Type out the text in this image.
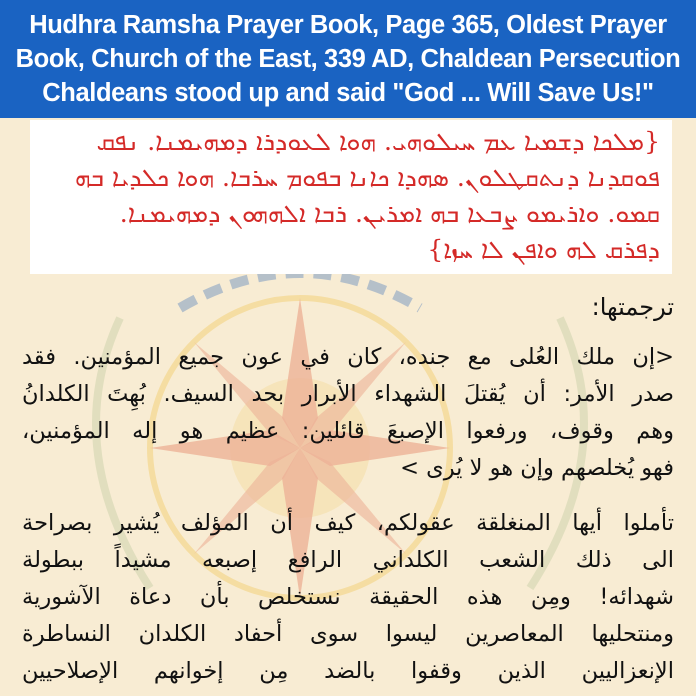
Hudhra Ramsha Prayer Book, Page 365, Oldest Prayer
Book, Church of the East, 339 AD, Chaldean Persecution
Chaldeans stood up and said "God ... Will Save Us!"
{ܡܠܟܐ ܕܫܡܝܐ ܥܡ ܚܝܠܘܗܝ. ܗܘܐ ܠܥܘܕܪܐ ܕܡܗܝܡܢܐ. ܢܦܩ
ܦܘܩܕܢܐ ܕܢܬܩܛܠܘܢ. ܣܗܕܐ ܟܐܢܐ ܒܦܘܡ ܚܪܒܐ. ܗܘܐ ܟܠܕܝܐ ܒܗ
ܩܡܘ. ܘܐܪܝܡܘ ܨܒܥܐ ܒܗ ܐܡܪܝܢ. ܪܒܐ ܐܠܗܗܘܢ ܕܡܗܝܡܢܐ.
ܕܦܪܩ ܠܗ ܘܐܦܢ ܠܐ ܚܙܐ}
ترجمتها:
<إن ملك العُلى مع جنده، كان في عون جميع المؤمنين. فقد
صدر الأمر: أن يُقتلَ الشهداء الأبرار بحد السيف. بُهِتَ الكلدانُ
وهم وقوف، ورفعوا الإصبعَ قائلين: عظيم هو إله المؤمنين،
فهو يُخلصهم وإن هو لا يُرى >
تأملوا أيها المنغلقة عقولكم، كيف أن المؤلف يُشير بصراحة
الى ذلك الشعب الكلداني الرافع إصبعه مشيداً ببطولة
شهدائه! ومِن هذه الحقيقة نستخلص بأن دعاة الآشورية
ومنتحليها المعاصرين ليسوا سوى أحفاد الكلدان النساطرة
الإنعزاليين الذين وقفوا بالضد مِن إخوانهم الإصلاحيين
